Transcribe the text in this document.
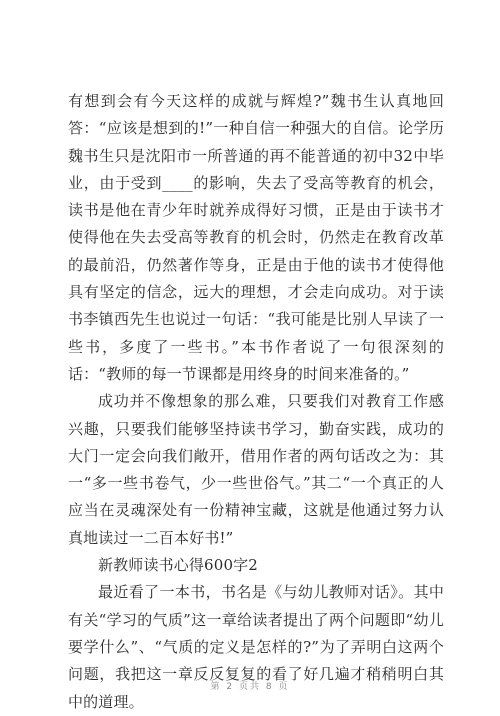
有想到会有今天这样的成就与辉煌?”魏书生认真地回答：“应该是想到的!”一种自信一种强大的自信。论学历魏书生只是沈阳市一所普通的再不能普通的初中32中毕业，由于受到____的影响，失去了受高等教育的机会，读书是他在青少年时就养成得好习惯，正是由于读书才使得他在失去受高等教育的机会时，仍然走在教育改革的最前沿，仍然著作等身，正是由于他的读书才使得他具有坚定的信念，远大的理想，才会走向成功。对于读书李镇西先生也说过一句话：“我可能是比别人早读了一些书，多度了一些书。”本书作者说了一句很深刻的话：“教师的每一节课都是用终身的时间来准备的。”

成功并不像想象的那么难，只要我们对教育工作感兴趣，只要我们能够坚持读书学习，勤奋实践，成功的大门一定会向我们敞开，借用作者的两句话改之为：其一“多一些书卷气，少一些世俗气。”其二“一个真正的人应当在灵魂深处有一份精神宝藏，这就是他通过努力认真地读过一二百本好书!”

新教师读书心得600字2

最近看了一本书，书名是《与幼儿教师对话》。其中有关“学习的气质”这一章给读者提出了两个问题即“幼儿要学什么”、“气质的定义是怎样的?”为了弄明白这两个问题，我把这一章反反复复的看了好几遍才稍稍明白其中的道理。

第 2 页共 8 页
